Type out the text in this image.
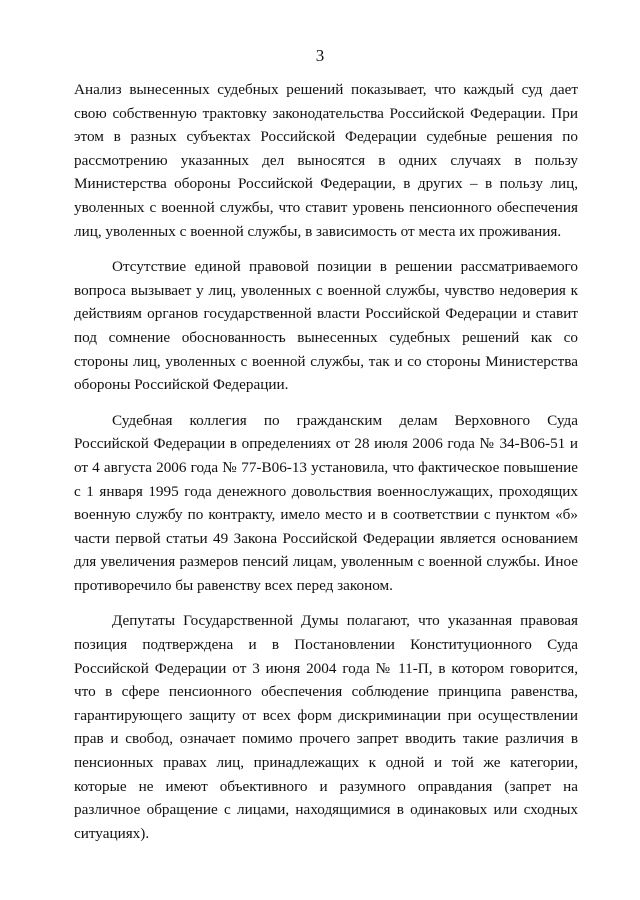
3

Анализ вынесенных судебных решений показывает, что каждый суд дает
свою собственную трактовку законодательства Российской Федерации. При
этом в разных субъектах Российской Федерации судебные решения по
рассмотрению указанных дел выносятся в одних случаях в пользу
Министерства обороны Российской Федерации, в других – в пользу лиц,
уволенных с военной службы, что ставит уровень пенсионного обеспечения
лиц, уволенных с военной службы, в зависимость от места их проживания.

Отсутствие единой правовой позиции в решении рассматриваемого
вопроса вызывает у лиц, уволенных с военной службы, чувство недоверия к
действиям органов государственной власти Российской Федерации и ставит
под сомнение обоснованность вынесенных судебных решений как со
стороны лиц, уволенных с военной службы, так и со стороны Министерства
обороны Российской Федерации.

Судебная коллегия по гражданским делам Верховного Суда
Российской Федерации в определениях от 28 июля 2006 года № 34-В06-51 и
от 4 августа 2006 года № 77-В06-13 установила, что фактическое повышение
с 1 января 1995 года денежного довольствия военнослужащих, проходящих
военную службу по контракту, имело место и в соответствии с пунктом «б»
части первой статьи 49 Закона Российской Федерации является основанием
для увеличения размеров пенсий лицам, уволенным с военной службы. Иное
противоречило бы равенству всех перед законом.

Депутаты Государственной Думы полагают, что указанная правовая
позиция подтверждена и в Постановлении Конституционного Суда
Российской Федерации от 3 июня 2004 года № 11-П, в котором говорится,
что в сфере пенсионного обеспечения соблюдение принципа равенства,
гарантирующего защиту от всех форм дискриминации при осуществлении
прав и свобод, означает помимо прочего запрет вводить такие различия в
пенсионных правах лиц, принадлежащих к одной и той же категории,
которые не имеют объективного и разумного оправдания (запрет на
различное обращение с лицами, находящимися в одинаковых или сходных
ситуациях).
